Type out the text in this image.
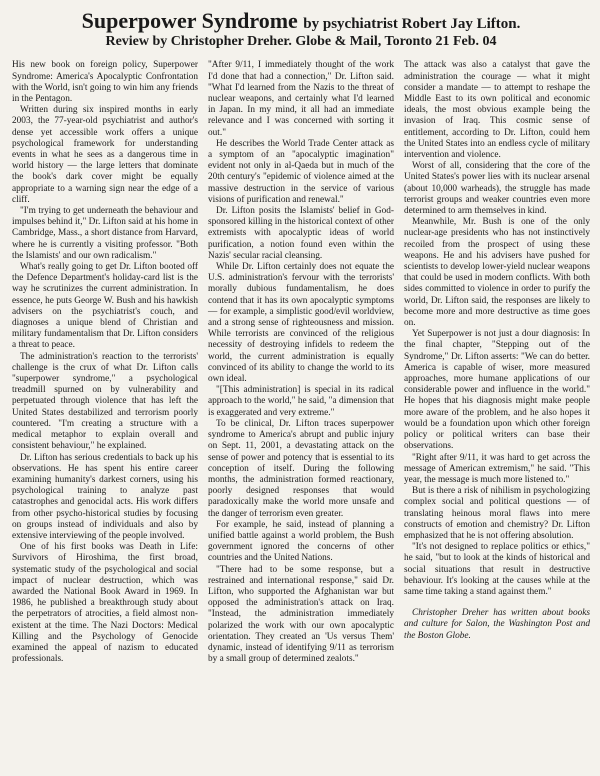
Superpower Syndrome by psychiatrist Robert Jay Lifton.
Review by Christopher Dreher. Globe & Mail, Toronto 21 Feb. 04

His new book on foreign policy, Superpower Syndrome: America's Apocalyptic Confrontation with the World, isn't going to win him any friends in the Pentagon.

Written during six inspired months in early 2003, the 77-year-old psychiatrist and author's dense yet accessible work offers a unique psychological framework for understanding events in what he sees as a dangerous time in world history — the large letters that dominate the book's dark cover might be equally appropriate to a warning sign near the edge of a cliff.

"I'm trying to get underneath the behaviour and impulses behind it," Dr. Lifton said at his home in Cambridge, Mass., a short distance from Harvard, where he is currently a visiting professor. "Both the Islamists' and our own radicalism."

What's really going to get Dr. Lifton booted off the Defence Department's holiday-card list is the way he scrutinizes the current administration. In essence, he puts George W. Bush and his hawkish advisers on the psychiatrist's couch, and diagnoses a unique blend of Christian and military fundamentalism that Dr. Lifton considers a threat to peace.

The administration's reaction to the terrorists' challenge is the crux of what Dr. Lifton calls "superpower syndrome," a psychological treadmill spurned on by vulnerability and perpetuated through violence that has left the United States destabilized and terrorism poorly countered. "I'm creating a structure with a medical metaphor to explain overall and consistent behaviour," he explained.

Dr. Lifton has serious credentials to back up his observations. He has spent his entire career examining humanity's darkest corners, using his psychological training to analyze past catastrophes and genocidal acts. His work differs from other psycho-historical studies by focusing on groups instead of individuals and also by extensive interviewing of the people involved.

One of his first books was Death in Life: Survivors of Hiroshima, the first broad, systematic study of the psychological and social impact of nuclear destruction, which was awarded the National Book Award in 1969. In 1986, he published a breakthrough study about the perpetrators of atrocities, a field almost non-existent at the time. The Nazi Doctors: Medical Killing and the Psychology of Genocide examined the appeal of nazism to educated professionals.

"After 9/11, I immediately thought of the work I'd done that had a connection," Dr. Lifton said. "What I'd learned from the Nazis to the threat of nuclear weapons, and certainly what I'd learned in Japan. In my mind, it all had an immediate relevance and I was concerned with sorting it out."

He describes the World Trade Center attack as a symptom of an "apocalyptic imagination" evident not only in al-Qaeda but in much of the 20th century's "epidemic of violence aimed at the massive destruction in the service of various visions of purification and renewal."

Dr. Lifton posits the Islamists' belief in God-sponsored killing in the historical context of other extremists with apocalyptic ideas of world purification, a notion found even within the Nazis' secular racial cleansing.

While Dr. Lifton certainly does not equate the U.S. administration's fervour with the terrorists' morally dubious fundamentalism, he does contend that it has its own apocalyptic symptoms — for example, a simplistic good/evil worldview, and a strong sense of righteousness and mission. While terrorists are convinced of the religious necessity of destroying infidels to redeem the world, the current administration is equally convinced of its ability to change the world to its own ideal.

"[This administration] is special in its radical approach to the world," he said, "a dimension that is exaggerated and very extreme."

To be clinical, Dr. Lifton traces superpower syndrome to America's abrupt and public injury on Sept. 11, 2001, a devastating attack on the sense of power and potency that is essential to its conception of itself. During the following months, the administration formed reactionary, poorly designed responses that would paradoxically make the world more unsafe and the danger of terrorism even greater.

For example, he said, instead of planning a unified battle against a world problem, the Bush government ignored the concerns of other countries and the United Nations.

"There had to be some response, but a restrained and international response," said Dr. Lifton, who supported the Afghanistan war but opposed the administration's attack on Iraq. "Instead, the administration immediately polarized the work with our own apocalyptic orientation. They created an 'Us versus Them' dynamic, instead of identifying 9/11 as terrorism by a small group of determined zealots."

The attack was also a catalyst that gave the administration the courage — what it might consider a mandate — to attempt to reshape the Middle East to its own political and economic ideals, the most obvious example being the invasion of Iraq. This cosmic sense of entitlement, according to Dr. Lifton, could hem the United States into an endless cycle of military intervention and violence.

Worst of all, considering that the core of the United States's power lies with its nuclear arsenal (about 10,000 warheads), the struggle has made terrorist groups and weaker countries even more determined to arm themselves in kind.

Meanwhile, Mr. Bush is one of the only nuclear-age presidents who has not instinctively recoiled from the prospect of using these weapons. He and his advisers have pushed for scientists to develop lower-yield nuclear weapons that could be used in modern conflicts. With both sides committed to violence in order to purify the world, Dr. Lifton said, the responses are likely to become more and more destructive as time goes on.

Yet Superpower is not just a dour diagnosis: In the final chapter, "Stepping out of the Syndrome," Dr. Lifton asserts: "We can do better. America is capable of wiser, more measured approaches, more humane applications of our considerable power and influence in the world." He hopes that his diagnosis might make people more aware of the problem, and he also hopes it would be a foundation upon which other foreign policy or political writers can base their observations.

"Right after 9/11, it was hard to get across the message of American extremism," he said. "This year, the message is much more listened to."

But is there a risk of nihilism in psychologizing complex social and political questions — of translating heinous moral flaws into mere constructs of emotion and chemistry? Dr. Lifton emphasized that he is not offering absolution.

"It's not designed to replace politics or ethics," he said, "but to look at the kinds of historical and social situations that result in destructive behaviour. It's looking at the causes while at the same time taking a stand against them."

Christopher Dreher has written about books and culture for Salon, the Washington Post and the Boston Globe.
